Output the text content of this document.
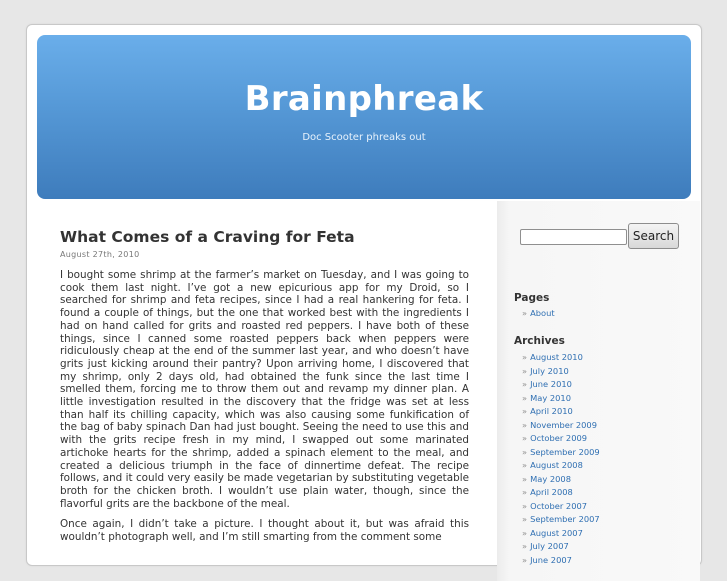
Brainphreak
Doc Scooter phreaks out
What Comes of a Craving for Feta
August 27th, 2010

I bought some shrimp at the farmer’s market on Tuesday, and I was going to cook them last night. I’ve got a new epicurious app for my Droid, so I searched for shrimp and feta recipes, since I had a real hankering for feta. I found a couple of things, but the one that worked best with the ingredients I had on hand called for grits and roasted red peppers. I have both of these things, since I canned some roasted peppers back when peppers were ridiculously cheap at the end of the summer last year, and who doesn’t have grits just kicking around their pantry? Upon arriving home, I discovered that my shrimp, only 2 days old, had obtained the funk since the last time I smelled them, forcing me to throw them out and revamp my dinner plan. A little investigation resulted in the discovery that the fridge was set at less than half its chilling capacity, which was also causing some funkification of the bag of baby spinach Dan had just bought. Seeing the need to use this and with the grits recipe fresh in my mind, I swapped out some marinated artichoke hearts for the shrimp, added a spinach element to the meal, and created a delicious triumph in the face of dinnertime defeat. The recipe follows, and it could very easily be made vegetarian by substituting vegetable broth for the chicken broth. I wouldn’t use plain water, though, since the flavorful grits are the backbone of the meal.

Once again, I didn’t take a picture. I thought about it, but was afraid this wouldn’t photograph well, and I’m still smarting from the comment some

Search
Pages
» About
Archives
» August 2010
» July 2010
» June 2010
» May 2010
» April 2010
» November 2009
» October 2009
» September 2009
» August 2008
» May 2008
» April 2008
» October 2007
» September 2007
» August 2007
» July 2007
» June 2007
